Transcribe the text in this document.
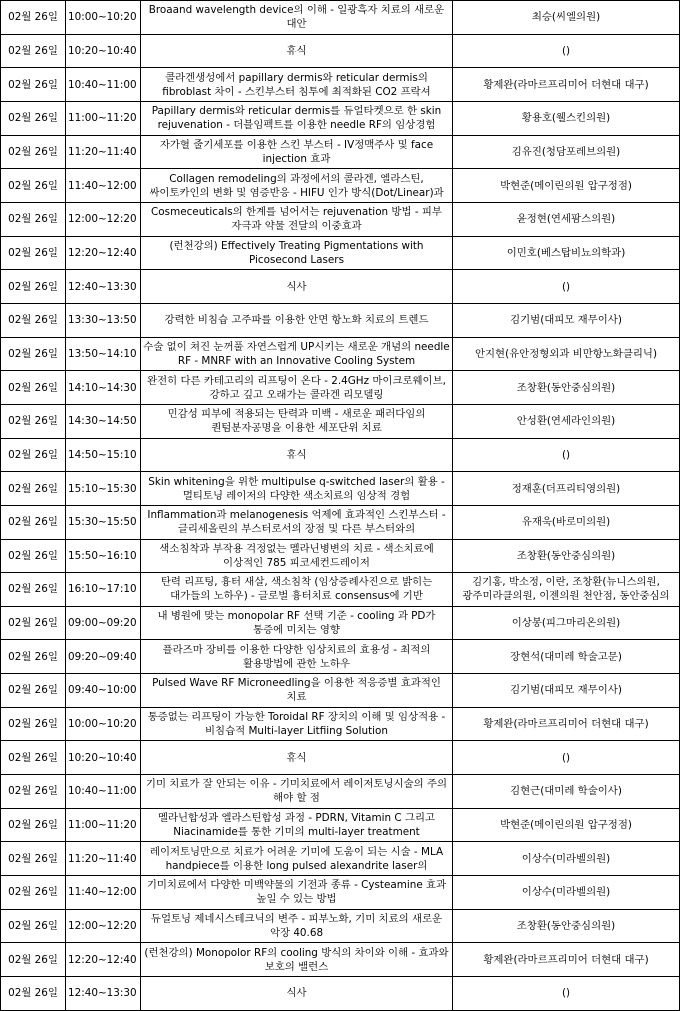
02월 26일	10:00~10:20	Broaand wavelength device의 이해 - 일광흑자 치료의 새로운 대안	최승(씨엘의원)

02월 26일	10:20~10:40	휴식	()

02월 26일	10:40~11:00	콜라겐생성에서 papillary dermis와 reticular dermis의 fibroblast 차이 - 스킨부스터 침투에 최적화된 CO2 프락셔	황제완(라마르프리미어 더현대 대구)

02월 26일	11:00~11:20	Papillary dermis와 reticular dermis를 듀얼타켓으로 한 skin rejuvenation - 더블임펙트를 이용한 needle RF의 임상경험	황용호(웰스킨의원)

02월 26일	11:20~11:40	자가혈 줄기세포를 이용한 스킨 부스터 - IV정맥주사 및 face injection 효과	김유진(청담포레브의원)

02월 26일	11:40~12:00	Collagen remodeling의 과정에서의 콜라겐, 엘라스틴, 싸이토카인의 변화 및 염증반응 - HIFU 인가 방식(Dot/Linear)과	박현준(메이린의원 압구정점)

02월 26일	12:00~12:20	Cosmeceuticals의 한계를 넘어서는 rejuvenation 방법 - 피부 자극과 약물 전달의 이중효과	윤정현(연세팜스의원)

02월 26일	12:20~12:40	(런천강의) Effectively Treating Pigmentations with Picosecond Lasers	이민호(베스탑비뇨의학과)

02월 26일	12:40~13:30	식사	()

02월 26일	13:30~13:50	강력한 비침습 고주파를 이용한 안면 항노화 치료의 트렌드	김기범(대피모 재무이사)

02월 26일	13:50~14:10	수술 없이 쳐진 눈꺼풀 자연스럽게 UP시키는 새로운 개념의 needle RF - MNRF with an Innovative Cooling System	안지현(유안정형외과 비만항노화클리닉)

02월 26일	14:10~14:30	완전히 다른 카테고리의 리프팅이 온다 - 2.4GHz 마이크로웨이브, 강하고 깊고 오래가는 콜라겐 리모델링	조창환(동안중심의원)

02월 26일	14:30~14:50	민감성 피부에 적용되는 탄력과 미백 - 새로운 패러다임의 퀀텀분자공명을 이용한 세포단위 치료	안성환(연세라인의원)

02월 26일	14:50~15:10	휴식	()

02월 26일	15:10~15:30	Skin whitening을 위한 multipulse q-switched laser의 활용 - 멀티토닝 레이저의 다양한 색소치료의 임상적 경험	정재훈(더프리티영의원)

02월 26일	15:30~15:50	Inflammation과 melanogenesis 억제에 효과적인 스킨부스터 - 글리세올린의 부스터로서의 장점 및 다른 부스터와의	유재욱(바로미의원)

02월 26일	15:50~16:10	색소침착과 부작용 걱정없는 멜라닌병변의 치료 - 색소치료에 이상적인 785 피코세컨드레이저	조창환(동안중심의원)

02월 26일	16:10~17:10	탄력 리프팅, 흉터 새살, 색소침착 (임상증례사진으로 밝히는 대가들의 노하우) - 글로벌 흉터치료 consensus에 기반	김기홍, 박소정, 이란, 조창환(뉴니스의원, 광주미라클의원, 이젠의원 천안점, 동안중심의

02월 26일	09:00~09:20	내 병원에 맞는 monopolar RF 선택 기준 - cooling 과 PD가 통증에 미치는 영향	이상봉(피그마리온의원)

02월 26일	09:20~09:40	플라즈마 장비를 이용한 다양한 임상치료의 효용성 - 최적의 활용방법에 관한 노하우	장현석(대미레 학술고문)

02월 26일	09:40~10:00	Pulsed Wave RF Microneedling을 이용한 적응증별 효과적인 치료	김기범(대피모 재무이사)

02월 26일	10:00~10:20	통증없는 리프팅이 가능한 Toroidal RF 장치의 이해 및 임상적용 - 비침습적 Multi-layer Litfiing Solution	황제완(라마르프리미어 더현대 대구)

02월 26일	10:20~10:40	휴식	()

02월 26일	10:40~11:00	기미 치료가 잘 안되는 이유 - 기미치료에서 레이저토닝시술의 주의 해야 할 점	김현근(대미레 학술이사)

02월 26일	11:00~11:20	멜라닌합성과 엘라스틴합성 과정 - PDRN, Vitamin C 그리고 Niacinamide를 통한 기미의 multi-layer treatment	박현준(메이린의원 압구정점)

02월 26일	11:20~11:40	레이저토닝만으로 치료가 어려운 기미에 도움이 되는 시술 - MLA handpiece를 이용한 long pulsed alexandrite laser의	이상수(미라벨의원)

02월 26일	11:40~12:00	기미치료에서 다양한 미백약물의 기전과 종류 - Cysteamine 효과 높일 수 있는 방법	이상수(미라벨의원)

02월 26일	12:00~12:20	듀얼토닝 제네시스테크닉의 변주 - 피부노화, 기미 치료의 새로운 악장 40.68	조창환(동안중심의원)

02월 26일	12:20~12:40	(런천강의) Monopolor RF의 cooling 방식의 차이와 이해 - 효과와 보호의 밸런스	황제완(라마르프리미어 더현대 대구)

02월 26일	12:40~13:30	식사	()
